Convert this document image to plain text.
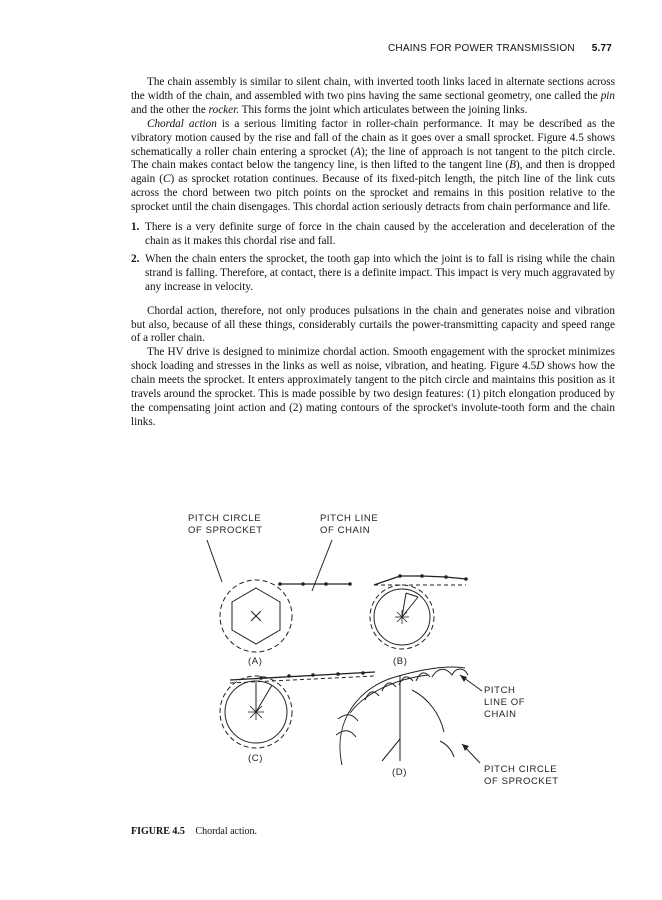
CHAINS FOR POWER TRANSMISSION 5.77

The chain assembly is similar to silent chain, with inverted tooth links laced in alternate sections across the width of the chain, and assembled with two pins having the same sectional geometry, one called the pin and the other the rocker. This forms the joint which articulates between the joining links.

Chordal action is a serious limiting factor in roller-chain performance. It may be described as the vibratory motion caused by the rise and fall of the chain as it goes over a small sprocket. Figure 4.5 shows schematically a roller chain entering a sprocket (A); the line of approach is not tangent to the pitch circle. The chain makes contact below the tangency line, is then lifted to the tangent line (B), and then is dropped again (C) as sprocket rotation continues. Because of its fixed-pitch length, the pitch line of the link cuts across the chord between two pitch points on the sprocket and remains in this position relative to the sprocket until the chain disengages. This chordal action seriously detracts from chain performance and life.

1. There is a very definite surge of force in the chain caused by the acceleration and deceleration of the chain as it makes this chordal rise and fall.
2. When the chain enters the sprocket, the tooth gap into which the joint is to fall is rising while the chain strand is falling. Therefore, at contact, there is a definite impact. This impact is very much aggravated by any increase in velocity.

Chordal action, therefore, not only produces pulsations in the chain and generates noise and vibration but also, because of all these things, considerably curtails the power-transmitting capacity and speed range of a roller chain.

The HV drive is designed to minimize chordal action. Smooth engagement with the sprocket minimizes shock loading and stresses in the links as well as noise, vibration, and heating. Figure 4.5D shows how the chain meets the sprocket. It enters approximately tangent to the pitch circle and maintains this position as it travels around the sprocket. This is made possible by two design features: (1) pitch elongation produced by the compensating joint action and (2) mating contours of the sprocket's involute-tooth form and the chain links.

PITCH CIRCLE
OF SPROCKET
PITCH LINE
OF CHAIN
(A)	(B)
(C)
(D)
PITCH
LINE OF
CHAIN
PITCH CIRCLE
OF SPROCKET
FIGURE 4.5 Chordal action.
